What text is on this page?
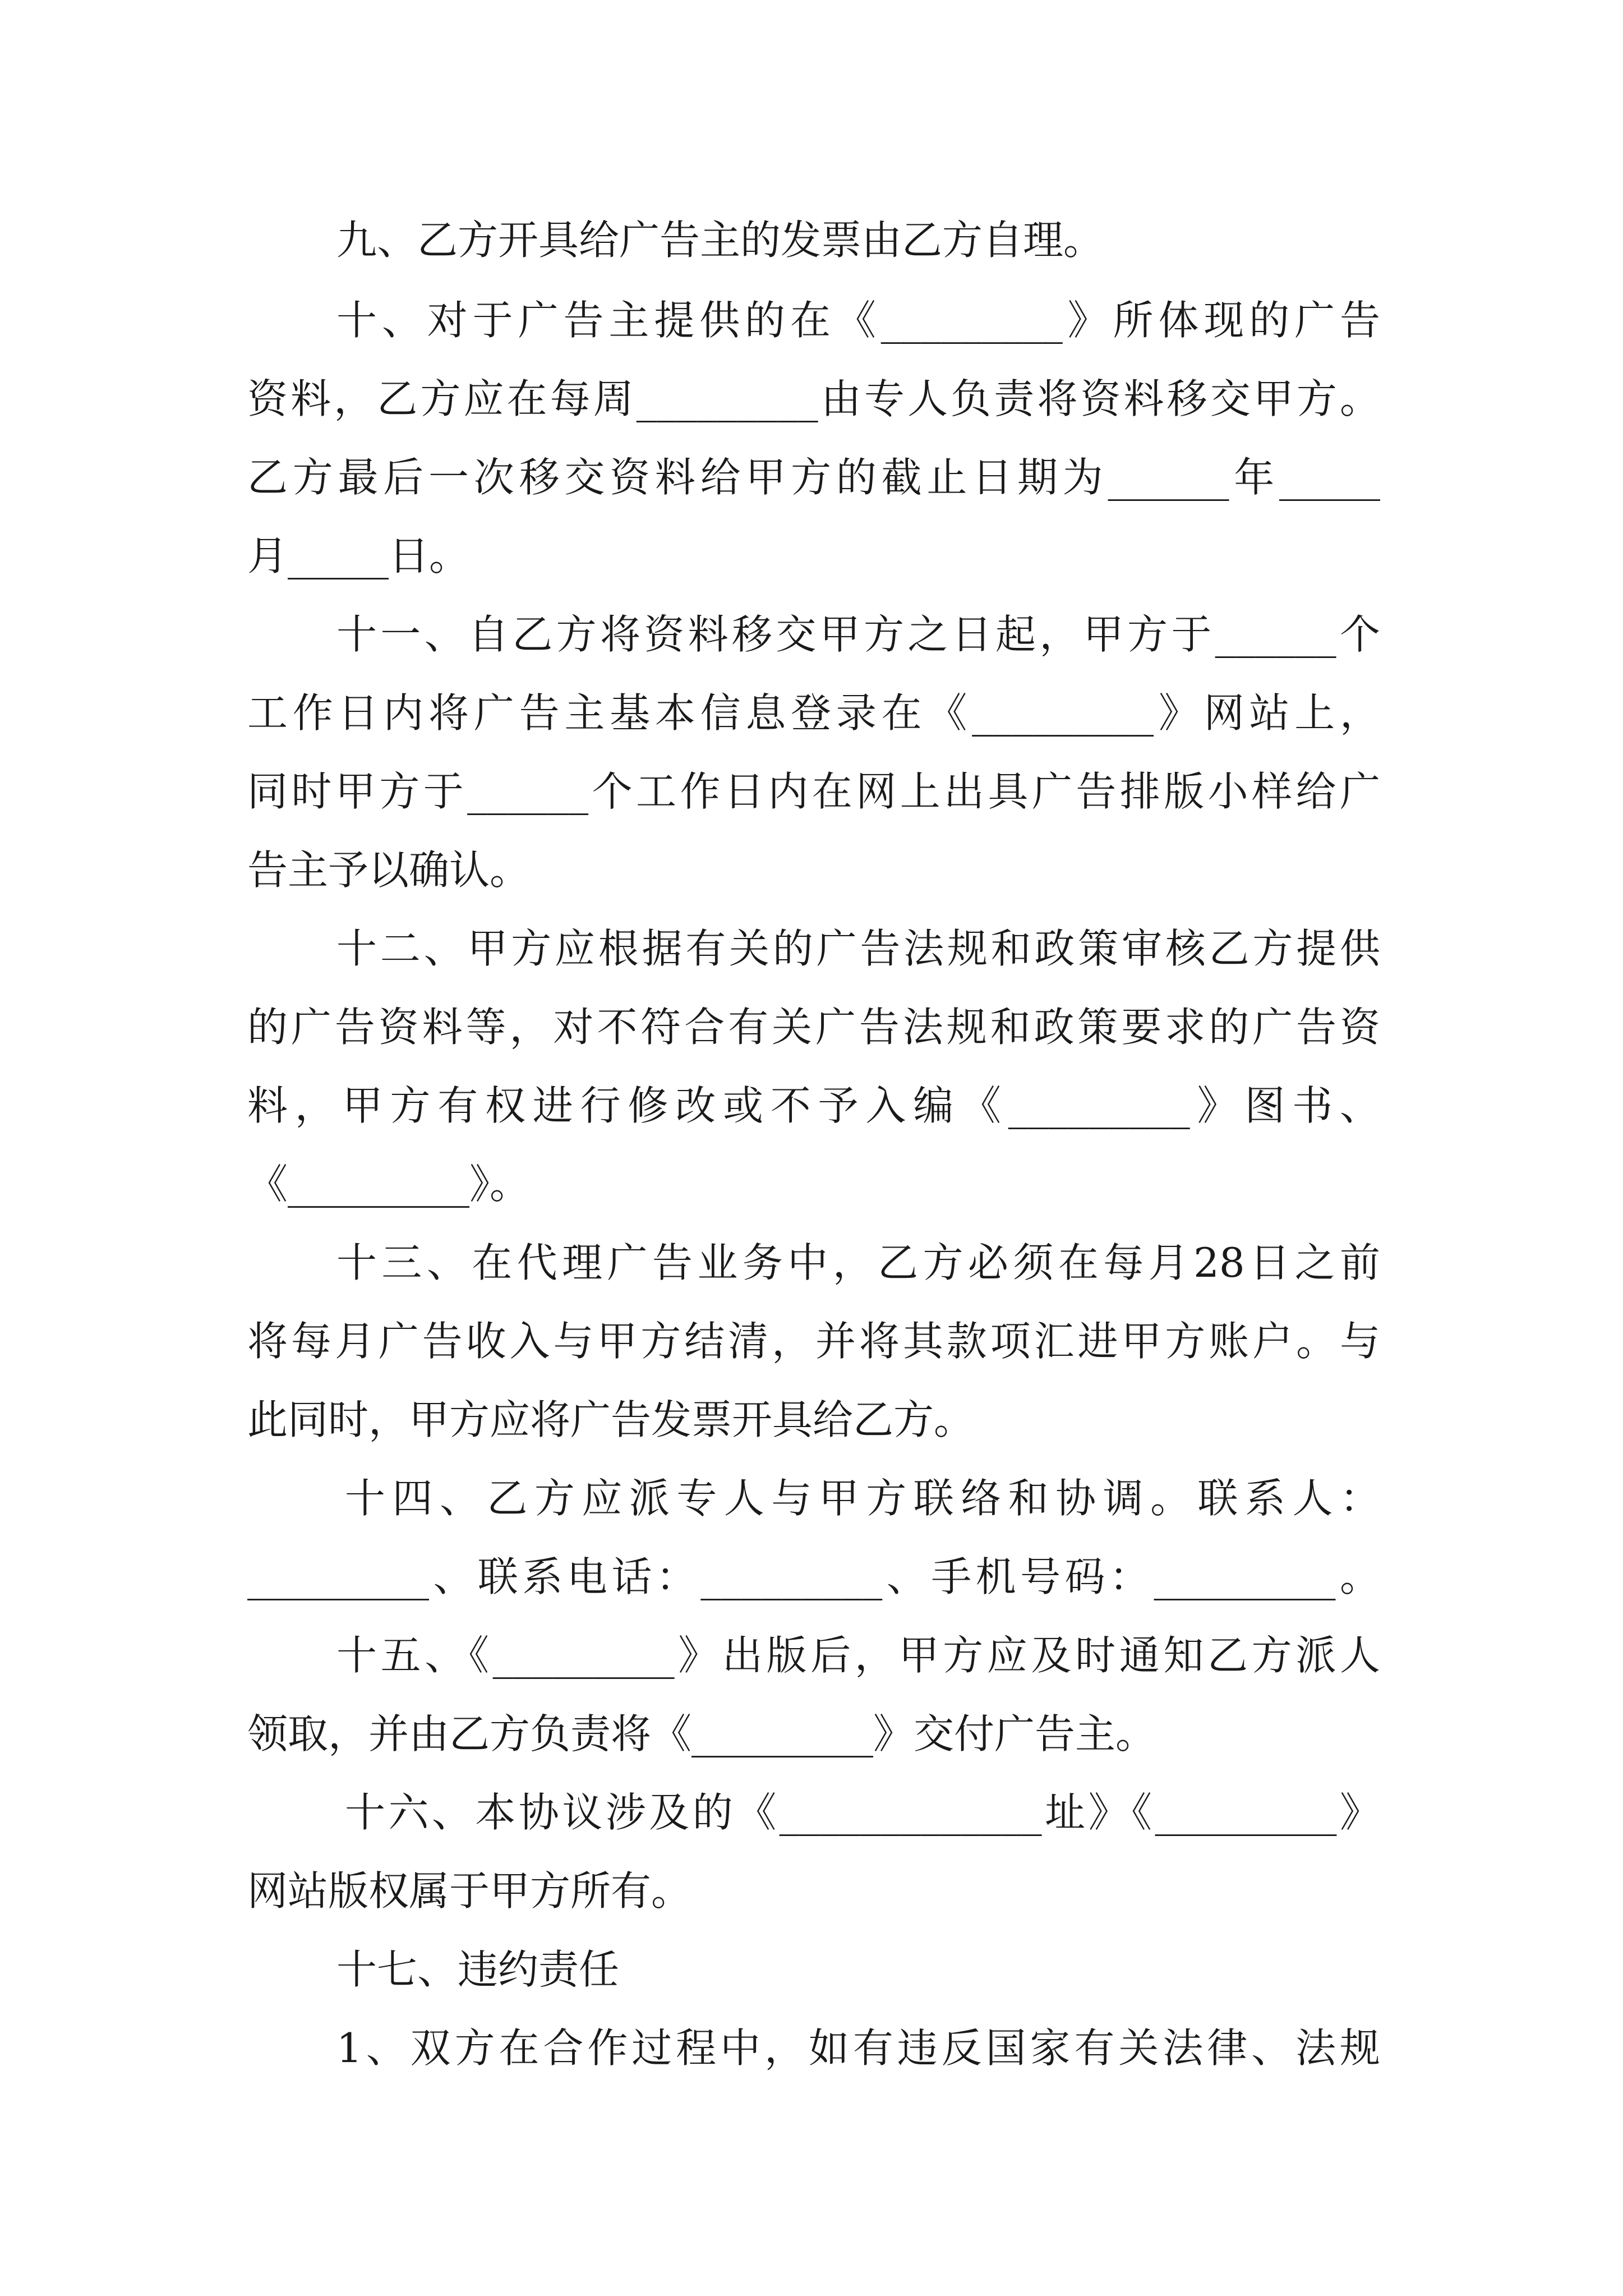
九、乙方开具给广告主的发票由乙方自理。
十、对于广告主提供的在《_________》所体现的广告
资料，乙方应在每周_________由专人负责将资料移交甲方。
乙方最后一次移交资料给甲方的截止日期为______年_____
月_____日。
十一、自乙方将资料移交甲方之日起，甲方于______个
工作日内将广告主基本信息登录在《_________》网站上，
同时甲方于______个工作日内在网上出具广告排版小样给广
告主予以确认。
十二、甲方应根据有关的广告法规和政策审核乙方提供
的广告资料等，对不符合有关广告法规和政策要求的广告资
料，甲方有权进行修改或不予入编《_________》图书、
《_________》。
十三、在代理广告业务中，乙方必须在每月28日之前
将每月广告收入与甲方结清，并将其款项汇进甲方账户。与
此同时，甲方应将广告发票开具给乙方。
十四、乙方应派专人与甲方联络和协调。联系人：
_________、联系电话：_________、手机号码：_________。
十五、《_________》出版后，甲方应及时通知乙方派人
领取，并由乙方负责将《_________》交付广告主。
十六、本协议涉及的《_____________址》《_________》
网站版权属于甲方所有。
十七、违约责任
1、双方在合作过程中，如有违反国家有关法律、法规
